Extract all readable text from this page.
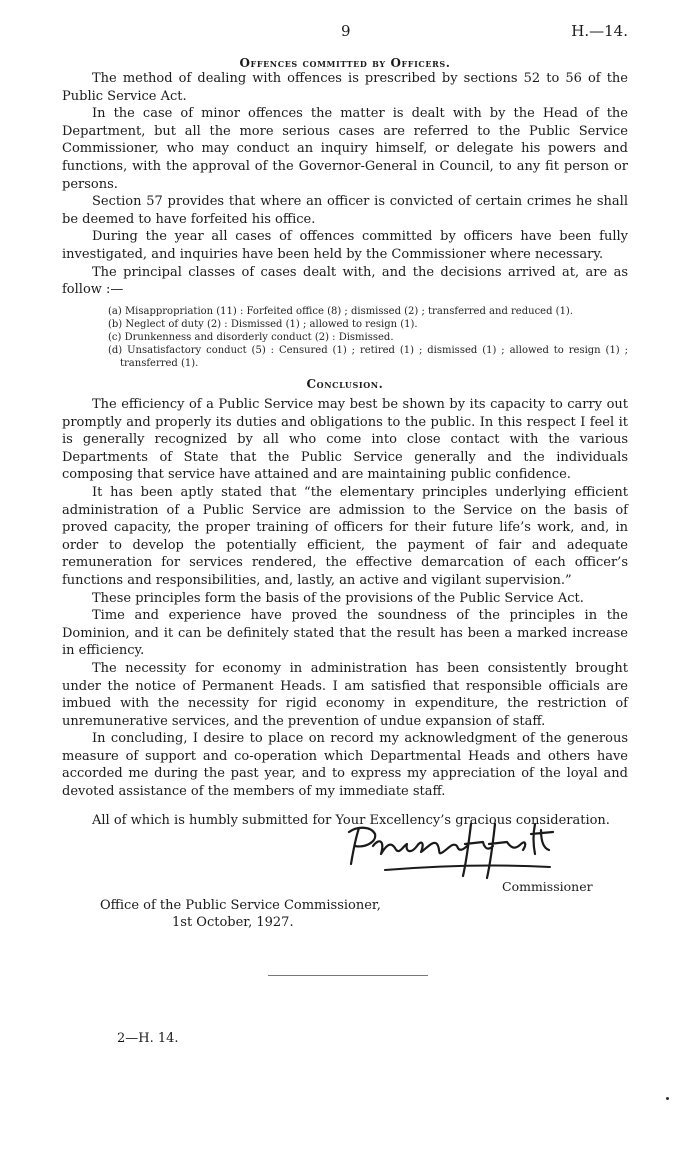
9	H.—14.
Offences committed by Officers.

The method of dealing with offences is prescribed by sections 52 to 56 of the Public Service Act.

In the case of minor offences the matter is dealt with by the Head of the Department, but all the more serious cases are referred to the Public Service Commissioner, who may conduct an inquiry himself, or delegate his powers and functions, with the approval of the Governor-General in Council, to any fit person or persons.

Section 57 provides that where an officer is convicted of certain crimes he shall be deemed to have forfeited his office.

During the year all cases of offences committed by officers have been fully investigated, and inquiries have been held by the Commissioner where necessary.

The principal classes of cases dealt with, and the decisions arrived at, are as follow :—

(a) Misappropriation (11) : Forfeited office (8) ; dismissed (2) ; transferred and reduced (1).
(b) Neglect of duty (2) : Dismissed (1) ; allowed to resign (1).
(c) Drunkenness and disorderly conduct (2) : Dismissed.
(d) Unsatisfactory conduct (5) : Censured (1) ; retired (1) ; dismissed (1) ; allowed to resign (1) ; transferred (1).
Conclusion.

The efficiency of a Public Service may best be shown by its capacity to carry out promptly and properly its duties and obligations to the public. In this respect I feel it is generally recognized by all who come into close contact with the various Departments of State that the Public Service generally and the individuals composing that service have attained and are maintaining public confidence.

It has been aptly stated that “the elementary principles underlying efficient administration of a Public Service are admission to the Service on the basis of proved capacity, the proper training of officers for their future life’s work, and, in order to develop the potentially efficient, the payment of fair and adequate remuneration for services rendered, the effective demarcation of each officer’s functions and responsibilities, and, lastly, an active and vigilant supervision.”

These principles form the basis of the provisions of the Public Service Act.

Time and experience have proved the soundness of the principles in the Dominion, and it can be definitely stated that the result has been a marked increase in efficiency.

The necessity for economy in administration has been consistently brought under the notice of Permanent Heads. I am satisfied that responsible officials are imbued with the necessity for rigid economy in expenditure, the restriction of unremunerative services, and the prevention of undue expansion of staff.

In concluding, I desire to place on record my acknowledgment of the generous measure of support and co-operation which Departmental Heads and others have accorded me during the past year, and to express my appreciation of the loyal and devoted assistance of the members of my immediate staff.

All of which is humbly submitted for Your Excellency’s gracious consideration.

Commissioner
Office of the Public Service Commissioner,
1st October, 1927.
2—H. 14.
